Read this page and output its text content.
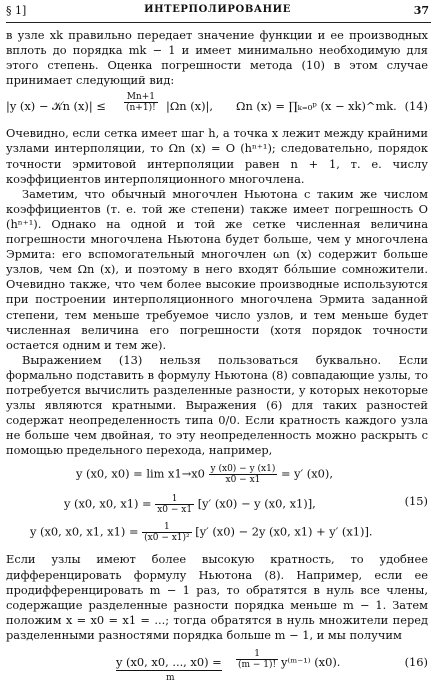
§ 1]	ИНТЕРПОЛИРОВАНИЕ	37

в узле xk правильно передает значение функции и ее производных вплоть до порядка mk − 1 и имеет минимально необходимую для этого степень. Оценка погрешности метода (10) в этом случае принимает следующий вид:

|y (x) − 𝒦n $(x)| \le \frac{Mn+1}{(n+1)!} |\Omega n$ (x)|, Ωn (x) = ∏ₖ₌₀ᵖ (x − xk)^mk. (14)

Очевидно, если сетка имеет шаг h, а точка x лежит между крайними узлами интерполяции, то Ωn (x) = O (hⁿ⁺¹); следовательно, порядок точности эрмитовой интерполяции равен n + 1, т. е. числу коэффициентов интерполяционного многочлена.

Заметим, что обычный многочлен Ньютона с таким же числом коэффициентов (т. е. той же степени) также имеет погрешность O (hⁿ⁺¹). Однако на одной и той же сетке численная величина погрешности многочлена Ньютона будет больше, чем у многочлена Эрмита: его вспомогательный многочлен ωn (x) содержит больше узлов, чем Ωn (x), и поэтому в него входят бо́льшие сомножители. Очевидно также, что чем более высокие производные используются при построении интерполяционного многочлена Эрмита заданной степени, тем меньше требуемое число узлов, и тем меньше будет численная величина его погрешности (хотя порядок точности остается одним и тем же).

Выражением (13) нельзя пользоваться буквально. Если формально подставить в формулу Ньютона (8) совпадающие узлы, то потребуется вычислить разделенные разности, у которых некоторые узлы являются кратными. Выражения (6) для таких разностей содержат неопределенность типа 0/0. Если кратность каждого узла не больше чем двойная, то эту неопределенность можно раскрыть с помощью предельного перехода, например,

y (x0, $x0) = \lim x1\to x0 \frac{y (x0) - y (x1)}{x0 - x1} = y'$ (x0),
y (x0, x0, $x1) = \frac{1}{x0 - x1} [y'$ (x0) − y (x0, x1)],
y (x0, x0, x1, $x1) = \frac{1}{\text{(x0 − x1)²}} [y'$ (x0) − 2y (x0, x1) + y′ (x1)].
(15)

Если узлы имеют более высокую кратность, то удобнее дифференцировать формулу Ньютона (8). Например, если ее продифференцировать m − 1 раз, то обратятся в нуль все члены, содержащие разделенные разности порядка меньше m − 1. Затем положим x = x0 = x1 = ...; тогда обратятся в нуль множители перед разделенными разностями порядка больше m − 1, и мы получим

y (x0, x0, ..., x0) =
m
$\frac{1}{(m - 1)!}$ y⁽ᵐ⁻¹⁾ (x0).	(16)
